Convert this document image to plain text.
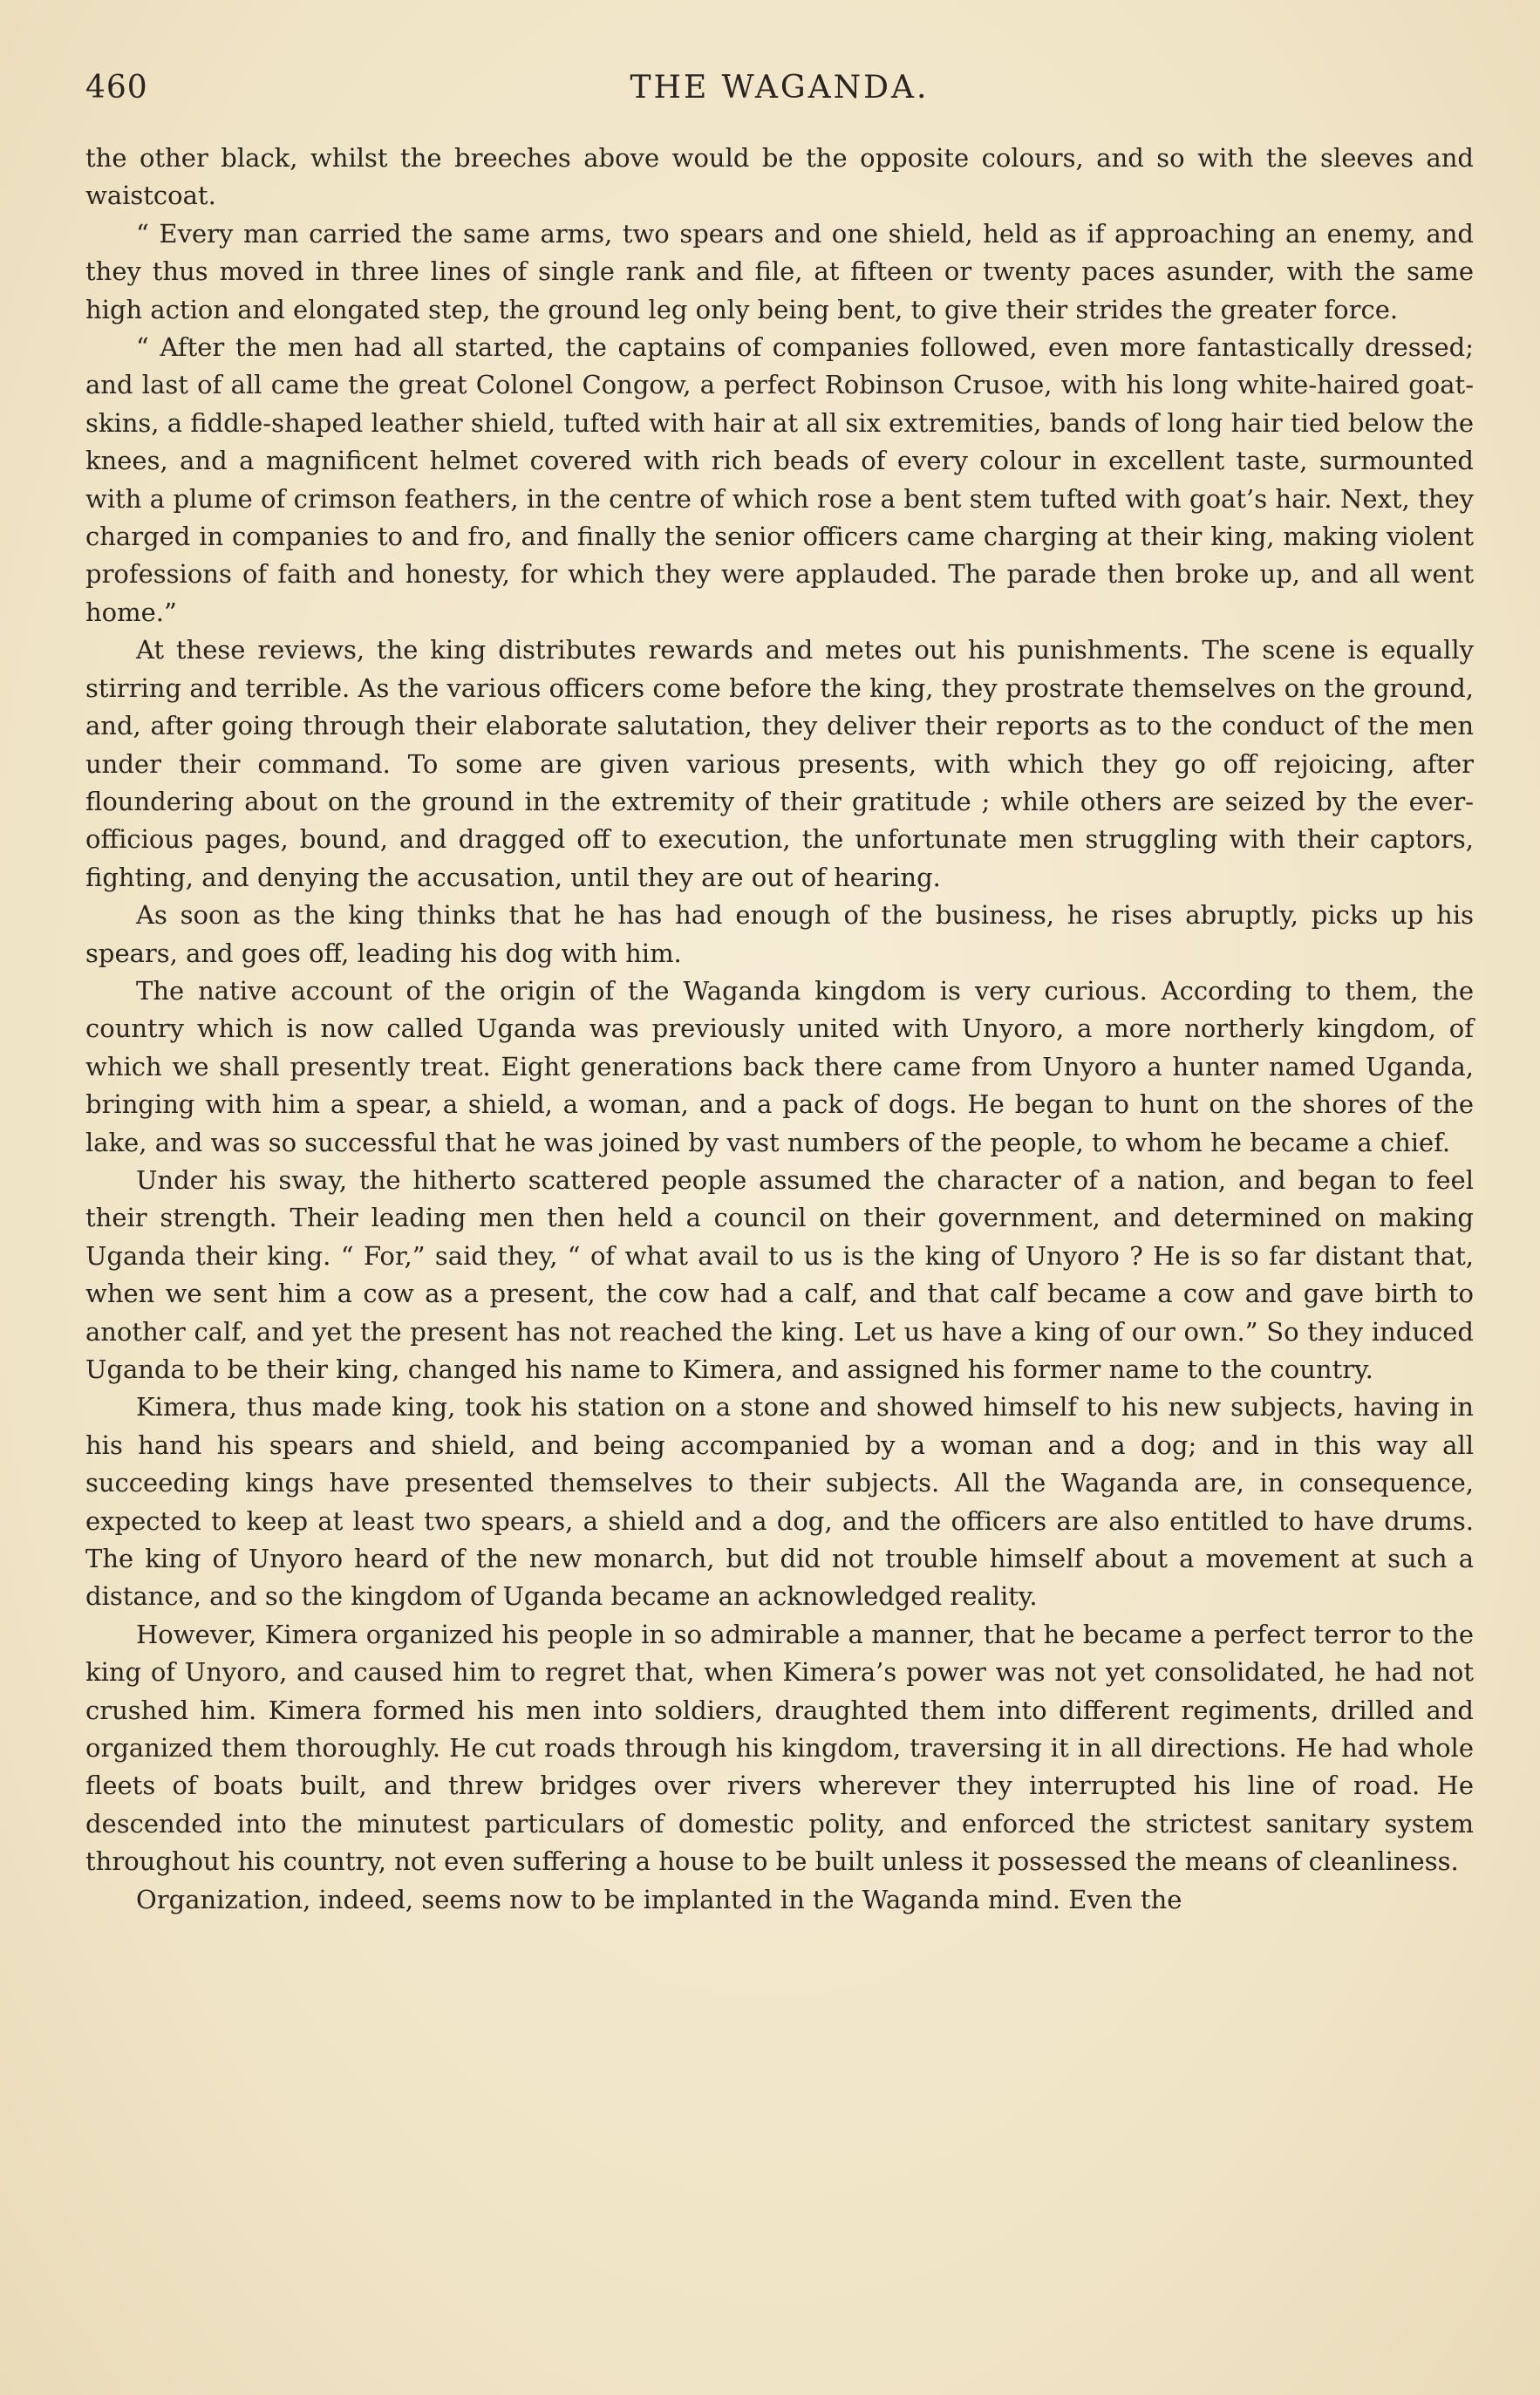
460	THE WAGANDA.

the other black, whilst the breeches above would be the opposite colours, and so with the sleeves and waistcoat.

“ Every man carried the same arms, two spears and one shield, held as if approaching an enemy, and they thus moved in three lines of single rank and file, at fifteen or twenty paces asunder, with the same high action and elongated step, the ground leg only being bent, to give their strides the greater force.

“ After the men had all started, the captains of companies followed, even more fantastically dressed; and last of all came the great Colonel Congow, a perfect Robinson Crusoe, with his long white-haired goat-skins, a fiddle-shaped leather shield, tufted with hair at all six extremities, bands of long hair tied below the knees, and a magnificent helmet covered with rich beads of every colour in excellent taste, surmounted with a plume of crimson feathers, in the centre of which rose a bent stem tufted with goat’s hair. Next, they charged in companies to and fro, and finally the senior officers came charging at their king, making violent professions of faith and honesty, for which they were applauded. The parade then broke up, and all went home.”

At these reviews, the king distributes rewards and metes out his punishments. The scene is equally stirring and terrible. As the various officers come before the king, they prostrate themselves on the ground, and, after going through their elaborate salutation, they deliver their reports as to the conduct of the men under their command. To some are given various presents, with which they go off rejoicing, after floundering about on the ground in the extremity of their gratitude ; while others are seized by the ever-officious pages, bound, and dragged off to execution, the unfortunate men struggling with their captors, fighting, and denying the accusation, until they are out of hearing.

As soon as the king thinks that he has had enough of the business, he rises abruptly, picks up his spears, and goes off, leading his dog with him.

The native account of the origin of the Waganda kingdom is very curious. According to them, the country which is now called Uganda was previously united with Unyoro, a more northerly kingdom, of which we shall presently treat. Eight generations back there came from Unyoro a hunter named Uganda, bringing with him a spear, a shield, a woman, and a pack of dogs. He began to hunt on the shores of the lake, and was so successful that he was joined by vast numbers of the people, to whom he became a chief.

Under his sway, the hitherto scattered people assumed the character of a nation, and began to feel their strength. Their leading men then held a council on their government, and determined on making Uganda their king. “ For,” said they, “ of what avail to us is the king of Unyoro ? He is so far distant that, when we sent him a cow as a present, the cow had a calf, and that calf became a cow and gave birth to another calf, and yet the present has not reached the king. Let us have a king of our own.” So they induced Uganda to be their king, changed his name to Kimera, and assigned his former name to the country.

Kimera, thus made king, took his station on a stone and showed himself to his new subjects, having in his hand his spears and shield, and being accompanied by a woman and a dog; and in this way all succeeding kings have presented themselves to their subjects. All the Waganda are, in consequence, expected to keep at least two spears, a shield and a dog, and the officers are also entitled to have drums. The king of Unyoro heard of the new monarch, but did not trouble himself about a movement at such a distance, and so the kingdom of Uganda became an acknowledged reality.

However, Kimera organized his people in so admirable a manner, that he became a perfect terror to the king of Unyoro, and caused him to regret that, when Kimera’s power was not yet consolidated, he had not crushed him. Kimera formed his men into soldiers, draughted them into different regiments, drilled and organized them thoroughly. He cut roads through his kingdom, traversing it in all directions. He had whole fleets of boats built, and threw bridges over rivers wherever they interrupted his line of road. He descended into the minutest particulars of domestic polity, and enforced the strictest sanitary system throughout his country, not even suffering a house to be built unless it possessed the means of cleanliness.

Organization, indeed, seems now to be implanted in the Waganda mind. Even the
